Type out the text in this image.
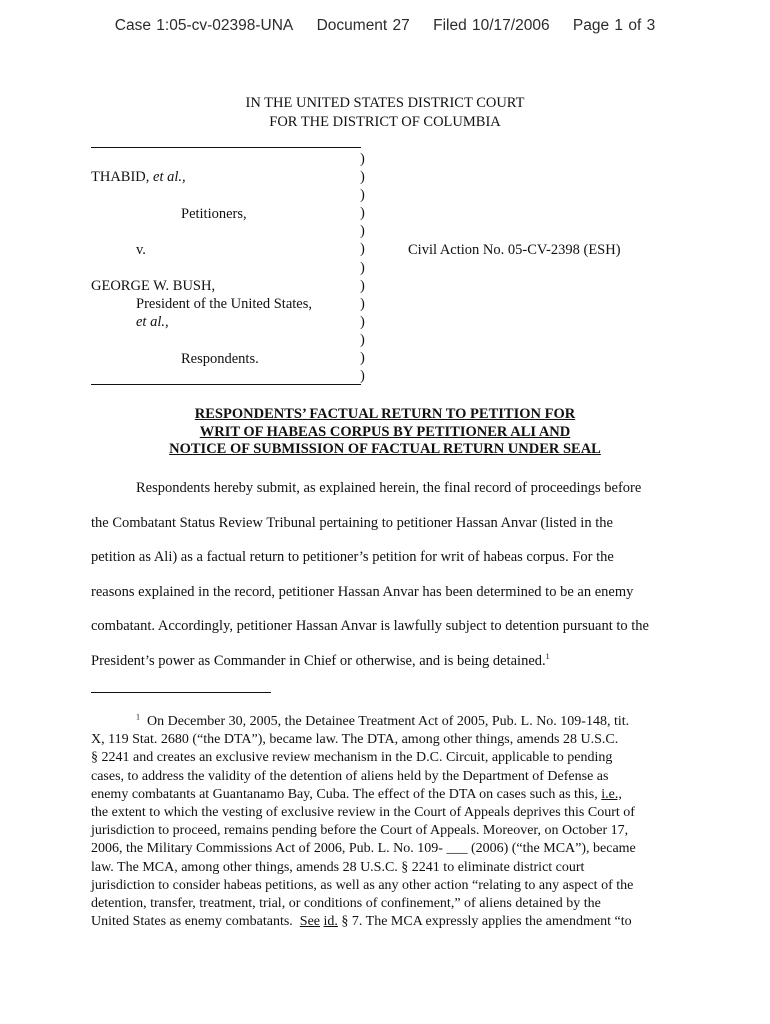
Case 1:05-cv-02398-UNA Document 27 Filed 10/17/2006 Page 1 of 3
IN THE UNITED STATES DISTRICT COURT
FOR THE DISTRICT OF COLUMBIA
THABID, et al.,
Petitioners,
v.	Civil Action No. 05-CV-2398 (ESH)
GEORGE W. BUSH,
President of the United States,
et al.,
Respondents.
)
)
)
)
)
)
)
)
)
)
)
)
)
RESPONDENTS’ FACTUAL RETURN TO PETITION FOR
WRIT OF HABEAS CORPUS BY PETITIONER ALI AND
NOTICE OF SUBMISSION OF FACTUAL RETURN UNDER SEAL

Respondents hereby submit, as explained herein, the final record of proceedings before

the Combatant Status Review Tribunal pertaining to petitioner Hassan Anvar (listed in the

petition as Ali) as a factual return to petitioner’s petition for writ of habeas corpus. For the

reasons explained in the record, petitioner Hassan Anvar has been determined to be an enemy

combatant. Accordingly, petitioner Hassan Anvar is lawfully subject to detention pursuant to the

President’s power as Commander in Chief or otherwise, and is being detained.$^1$

$^1$ On December 30, 2005, the Detainee Treatment Act of 2005, Pub. L. No. 109-148, tit.

X, 119 Stat. 2680 (“the DTA”), became law. The DTA, among other things, amends 28 U.S.C.

§ 2241 and creates an exclusive review mechanism in the D.C. Circuit, applicable to pending

cases, to address the validity of the detention of aliens held by the Department of Defense as

enemy combatants at Guantanamo Bay, Cuba. The effect of the DTA on cases such as this, i.e.,

the extent to which the vesting of exclusive review in the Court of Appeals deprives this Court of

jurisdiction to proceed, remains pending before the Court of Appeals. Moreover, on October 17,

2006, the Military Commissions Act of 2006, Pub. L. No. 109- ___ (2006) (“the MCA”), became

law. The MCA, among other things, amends 28 U.S.C. § 2241 to eliminate district court

jurisdiction to consider habeas petitions, as well as any other action “relating to any aspect of the

detention, transfer, treatment, trial, or conditions of confinement,” of aliens detained by the

United States as enemy combatants. See id. § 7. The MCA expressly applies the amendment “to
